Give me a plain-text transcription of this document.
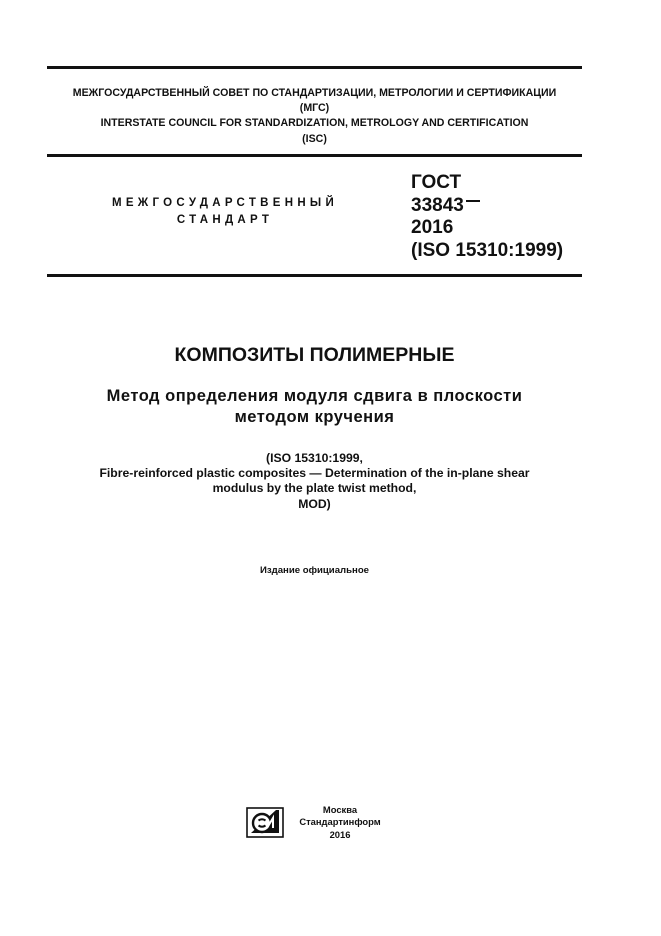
МЕЖГОСУДАРСТВЕННЫЙ СОВЕТ ПО СТАНДАРТИЗАЦИИ, МЕТРОЛОГИИ И СЕРТИФИКАЦИИ
(МГС)
INTERSTATE COUNCIL FOR STANDARDIZATION, METROLOGY AND CERTIFICATION
(ISC)
МЕЖГОСУДАРСТВЕННЫЙ
СТАНДАРТ
ГОСТ
33843
2016
(ISO 15310:1999)
КОМПОЗИТЫ ПОЛИМЕРНЫЕ
Метод определения модуля сдвига в плоскости
методом кручения
(ISO 15310:1999,
Fibre-reinforced plastic composites — Determination of the in-plane shear
modulus by the plate twist method,
MOD)
Издание официальное
Москва
Стандартинформ
2016
